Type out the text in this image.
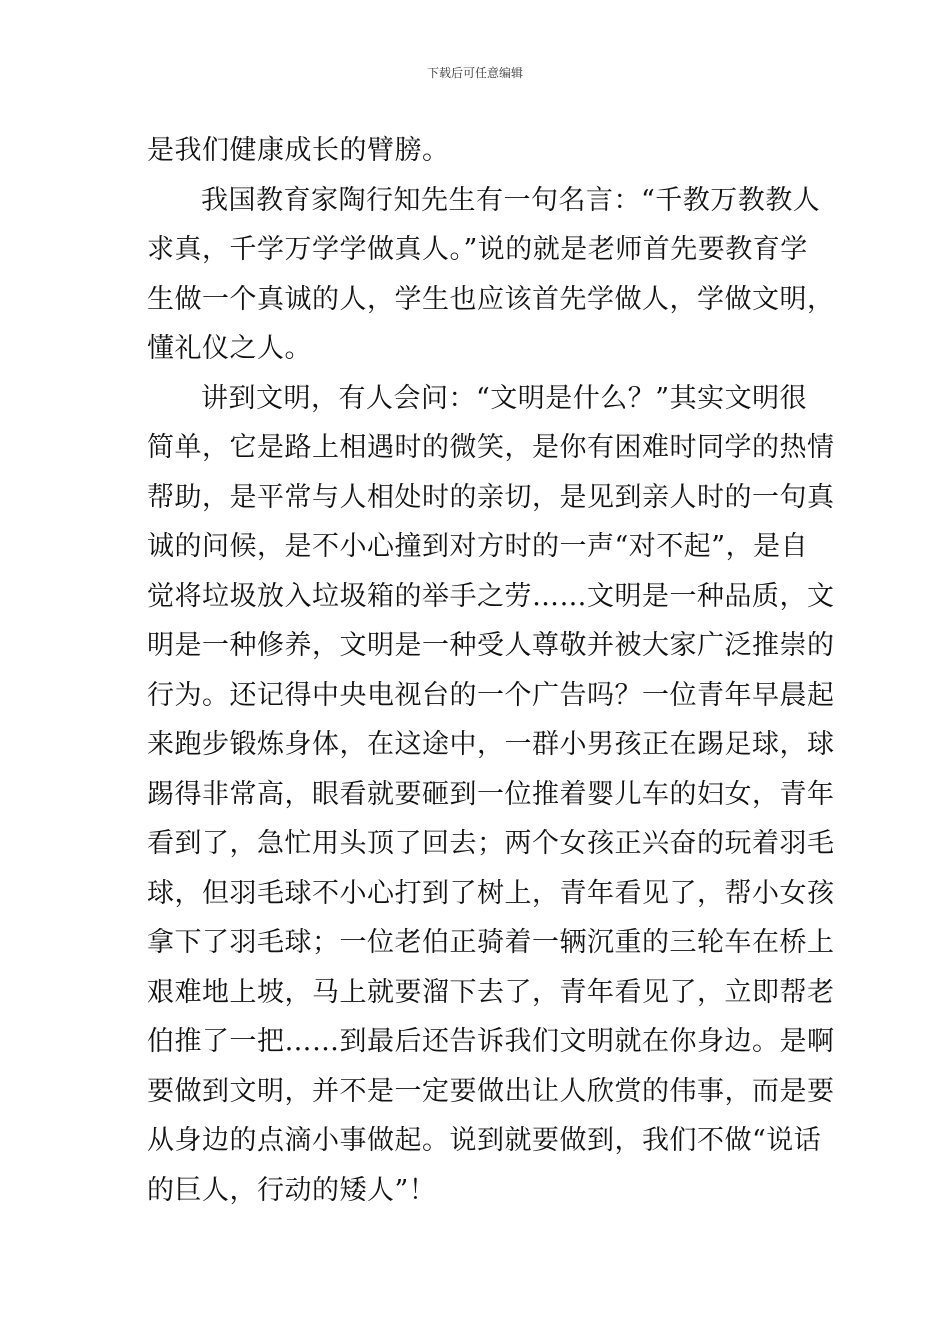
下载后可任意编辑
是我们健康成长的臂膀。
我国教育家陶行知先生有一句名言：“千教万教教人
求真，千学万学学做真人。”说的就是老师首先要教育学
生做一个真诚的人，学生也应该首先学做人，学做文明，
懂礼仪之人。
讲到文明，有人会问：“文明是什么？”其实文明很
简单，它是路上相遇时的微笑，是你有困难时同学的热情
帮助，是平常与人相处时的亲切，是见到亲人时的一句真
诚的问候，是不小心撞到对方时的一声“对不起”，是自
觉将垃圾放入垃圾箱的举手之劳……文明是一种品质，文
明是一种修养，文明是一种受人尊敬并被大家广泛推崇的
行为。还记得中央电视台的一个广告吗？一位青年早晨起
来跑步锻炼身体，在这途中，一群小男孩正在踢足球，球
踢得非常高，眼看就要砸到一位推着婴儿车的妇女，青年
看到了，急忙用头顶了回去；两个女孩正兴奋的玩着羽毛
球，但羽毛球不小心打到了树上，青年看见了，帮小女孩
拿下了羽毛球；一位老伯正骑着一辆沉重的三轮车在桥上
艰难地上坡，马上就要溜下去了，青年看见了，立即帮老
伯推了一把……到最后还告诉我们文明就在你身边。是啊
要做到文明，并不是一定要做出让人欣赏的伟事，而是要
从身边的点滴小事做起。说到就要做到，我们不做“说话
的巨人，行动的矮人”！
